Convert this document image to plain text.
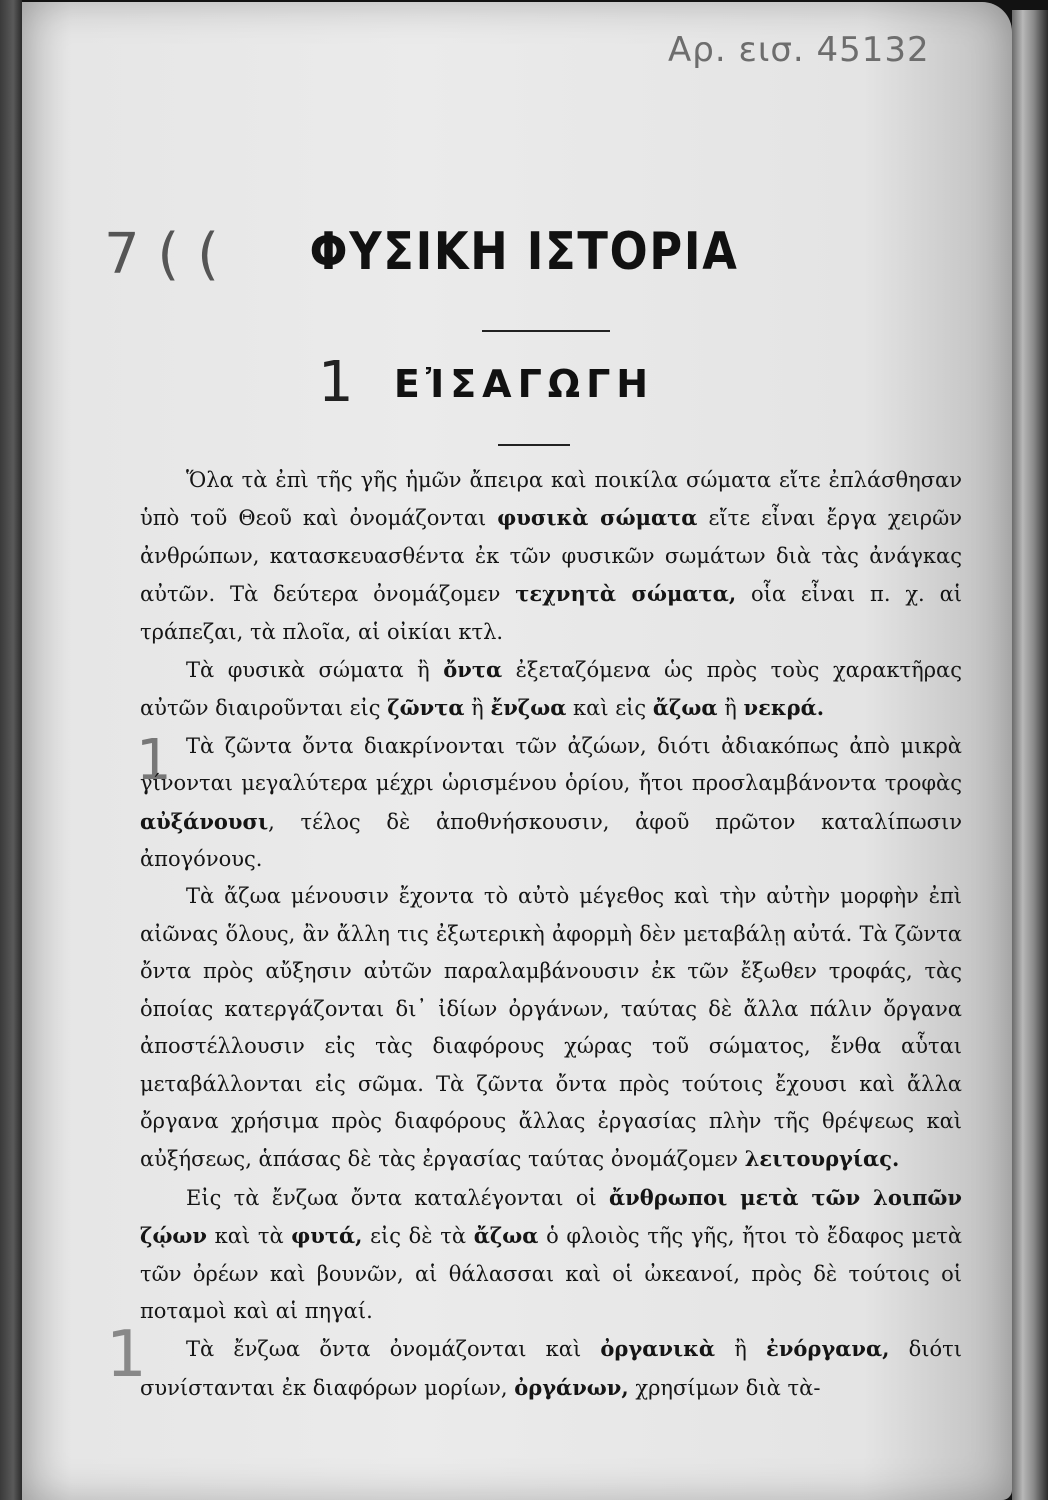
Αρ. εισ. 45132
7 ( (
1
1
1
ΦΥΣΙΚΗ ΙΣΤΟΡΙΑ
ΕἸΣΑΓΩΓΗ

Ὅλα τὰ ἐπὶ τῆς γῆς ἡμῶν ἄπειρα καὶ ποικίλα σώματα εἴτε ἐπλάσθησαν ὑπὸ τοῦ Θεοῦ καὶ ὀνομάζονται φυσικὰ σώματα εἴτε εἶναι ἔργα χειρῶν ἀνθρώπων, κατασκευασθέντα ἐκ τῶν φυσικῶν σωμάτων διὰ τὰς ἀνάγκας αὐτῶν. Τὰ δεύτερα ὀνομάζομεν τεχνητὰ σώματα, οἷα εἶναι π. χ. αἱ τράπεζαι, τὰ πλοῖα, αἱ οἰκίαι κτλ.

Τὰ φυσικὰ σώματα ἢ ὄντα ἐξεταζόμενα ὡς πρὸς τοὺς χαρακτῆρας αὐτῶν διαιροῦνται εἰς ζῶντα ἢ ἔνζωα καὶ εἰς ἄζωα ἢ νεκρά.

Τὰ ζῶντα ὄντα διακρίνονται τῶν ἀζώων, διότι ἀδιακόπως ἀπὸ μικρὰ γίνονται μεγαλύτερα μέχρι ὡρισμένου ὁρίου, ἤτοι προσλαμβάνοντα τροφὰς αὐξάνουσι, τέλος δὲ ἀποθνήσκουσιν, ἀφοῦ πρῶτον καταλίπωσιν ἀπογόνους.

Τὰ ἄζωα μένουσιν ἔχοντα τὸ αὐτὸ μέγεθος καὶ τὴν αὐτὴν μορφὴν ἐπὶ αἰῶνας ὅλους, ἂν ἄλλη τις ἐξωτερικὴ ἀφορμὴ δὲν μεταβάλῃ αὐτά. Τὰ ζῶντα ὄντα πρὸς αὔξησιν αὐτῶν παραλαμβάνουσιν ἐκ τῶν ἔξωθεν τροφάς, τὰς ὁποίας κατεργάζονται δι᾿ ἰδίων ὀργάνων, ταύτας δὲ ἄλλα πάλιν ὄργανα ἀποστέλλουσιν εἰς τὰς διαφόρους χώρας τοῦ σώματος, ἔνθα αὗται μεταβάλλονται εἰς σῶμα. Τὰ ζῶντα ὄντα πρὸς τούτοις ἔχουσι καὶ ἄλλα ὄργανα χρήσιμα πρὸς διαφόρους ἄλλας ἐργασίας πλὴν τῆς θρέψεως καὶ αὐξήσεως, ἁπάσας δὲ τὰς ἐργασίας ταύτας ὀνομάζομεν λειτουργίας.

Εἰς τὰ ἔνζωα ὄντα καταλέγονται οἱ ἄνθρωποι μετὰ τῶν λοιπῶν ζῴων καὶ τὰ φυτά, εἰς δὲ τὰ ἄζωα ὁ φλοιὸς τῆς γῆς, ἤτοι τὸ ἔδαφος μετὰ τῶν ὀρέων καὶ βουνῶν, αἱ θάλασσαι καὶ οἱ ὠκεανοί, πρὸς δὲ τούτοις οἱ ποταμοὶ καὶ αἱ πηγαί.

Τὰ ἔνζωα ὄντα ὀνομάζονται καὶ ὀργανικὰ ἢ ἐνόργανα, διότι συνίστανται ἐκ διαφόρων μορίων, ὀργάνων, χρησίμων διὰ τὰ-
